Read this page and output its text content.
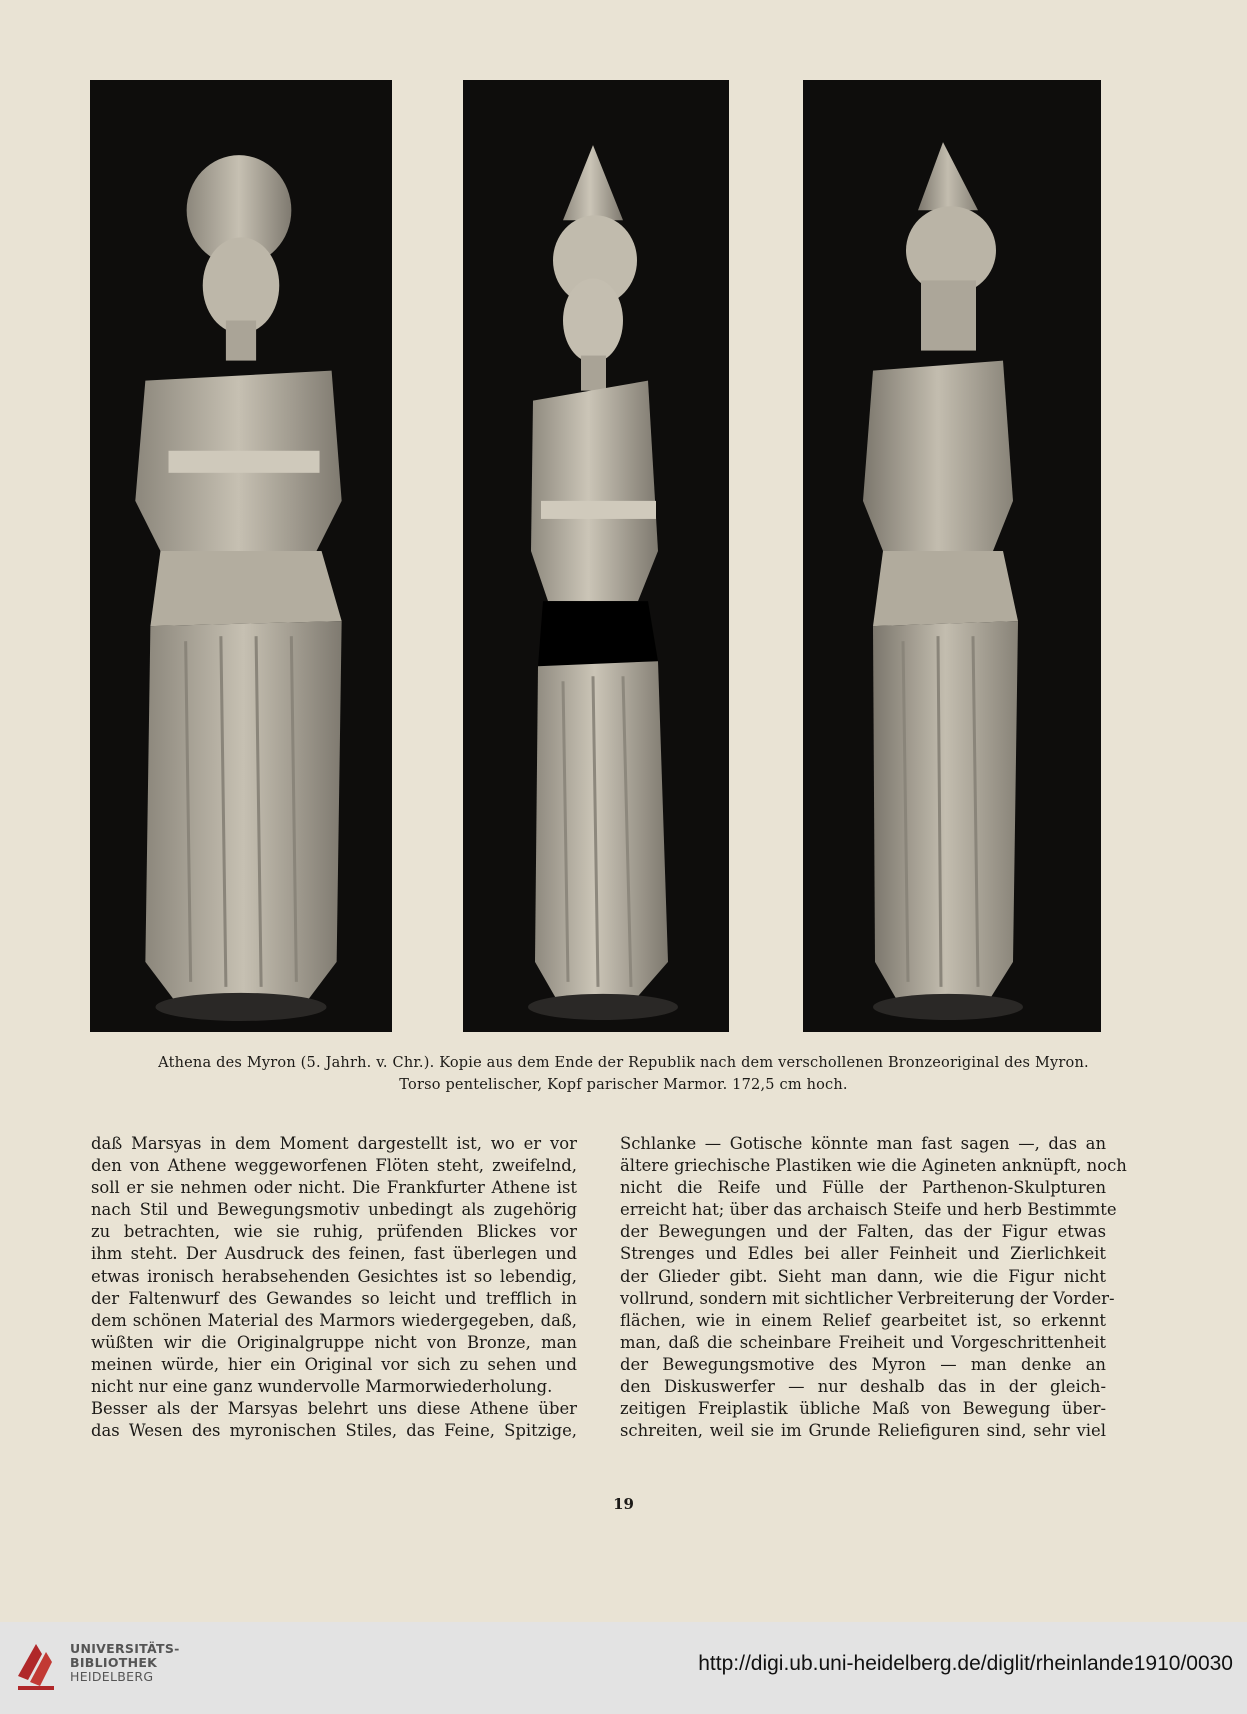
Athena des Myron (5. Jahrh. v. Chr.). Kopie aus dem Ende der Republik nach dem verschollenen Bronzeoriginal des Myron.
Torso pentelischer, Kopf parischer Marmor. 172,5 cm hoch.
daß Marsyas in dem Moment dargestellt ist, wo er vor
den von Athene weggeworfenen Flöten steht, zweifelnd,
soll er sie nehmen oder nicht. Die Frankfurter Athene ist
nach Stil und Bewegungsmotiv unbedingt als zugehörig
zu betrachten, wie sie ruhig, prüfenden Blickes vor
ihm steht. Der Ausdruck des feinen, fast überlegen und
etwas ironisch herabsehenden Gesichtes ist so lebendig,
der Faltenwurf des Gewandes so leicht und trefflich in
dem schönen Material des Marmors wiedergegeben, daß,
wüßten wir die Originalgruppe nicht von Bronze, man
meinen würde, hier ein Original vor sich zu sehen und
nicht nur eine ganz wundervolle Marmorwiederholung.
Besser als der Marsyas belehrt uns diese Athene über
das Wesen des myronischen Stiles, das Feine, Spitzige,
Schlanke — Gotische könnte man fast sagen —, das an
ältere griechische Plastiken wie die Agineten anknüpft, noch
nicht die Reife und Fülle der Parthenon-Skulpturen
erreicht hat; über das archaisch Steife und herb Bestimmte
der Bewegungen und der Falten, das der Figur etwas
Strenges und Edles bei aller Feinheit und Zierlichkeit
der Glieder gibt. Sieht man dann, wie die Figur nicht
vollrund, sondern mit sichtlicher Verbreiterung der Vorder-
flächen, wie in einem Relief gearbeitet ist, so erkennt
man, daß die scheinbare Freiheit und Vorgeschrittenheit
der Bewegungsmotive des Myron — man denke an
den Diskuswerfer — nur deshalb das in der gleich-
zeitigen Freiplastik übliche Maß von Bewegung über-
schreiten, weil sie im Grunde Reliefiguren sind, sehr viel
19
UNIVERSITÄTS-
BIBLIOTHEK
HEIDELBERG
http://digi.ub.uni-heidelberg.de/diglit/rheinlande1910/0030
